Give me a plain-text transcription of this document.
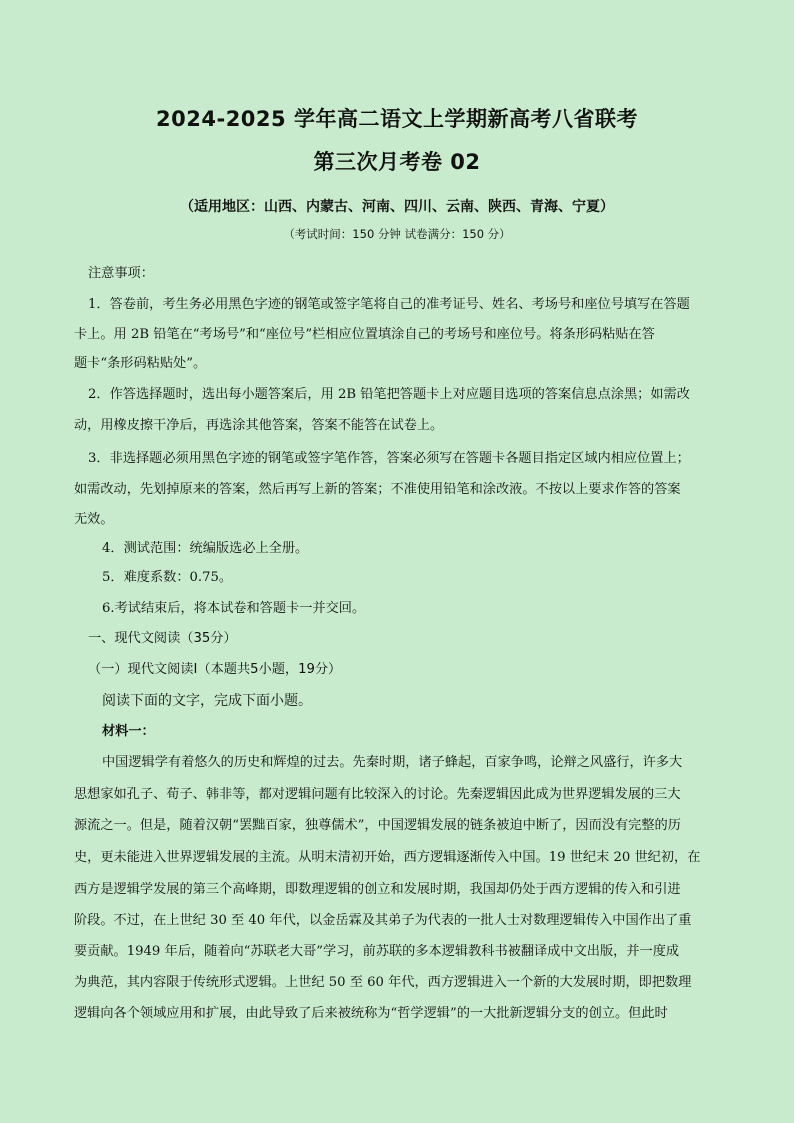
2024-2025 学年高二语文上学期新高考八省联考
第三次月考卷 02
（适用地区：山西、内蒙古、河南、四川、云南、陕西、青海、宁夏）
（考试时间：150 分钟 试卷满分：150 分）
注意事项：
1．答卷前，考生务必用黑色字迹的钢笔或签字笔将自己的准考证号、姓名、考场号和座位号填写在答题
卡上。用 2B 铅笔在“考场号”和“座位号”栏相应位置填涂自己的考场号和座位号。将条形码粘贴在答
题卡“条形码粘贴处”。
2．作答选择题时，选出每小题答案后，用 2B 铅笔把答题卡上对应题目选项的答案信息点涂黑；如需改
动，用橡皮擦干净后，再选涂其他答案，答案不能答在试卷上。
3．非选择题必须用黑色字迹的钢笔或签字笔作答，答案必须写在答题卡各题目指定区域内相应位置上；
如需改动，先划掉原来的答案，然后再写上新的答案；不准使用铅笔和涂改液。不按以上要求作答的答案
无效。
4．测试范围：统编版选必上全册。
5．难度系数：0.75。
6.考试结束后，将本试卷和答题卡一并交回。
一、现代文阅读（35分）
（一）现代文阅读Ⅰ（本题共5小题，19分）
阅读下面的文字，完成下面小题。
材料一：
中国逻辑学有着悠久的历史和辉煌的过去。先秦时期，诸子蜂起，百家争鸣，论辩之风盛行，许多大
思想家如孔子、荀子、韩非等，都对逻辑问题有比较深入的讨论。先秦逻辑因此成为世界逻辑发展的三大
源流之一。但是，随着汉朝“罢黜百家，独尊儒术”，中国逻辑发展的链条被迫中断了，因而没有完整的历
史，更未能进入世界逻辑发展的主流。从明末清初开始，西方逻辑逐渐传入中国。19 世纪末 20 世纪初，在
西方是逻辑学发展的第三个高峰期，即数理逻辑的创立和发展时期，我国却仍处于西方逻辑的传入和引进
阶段。不过，在上世纪 30 至 40 年代，以金岳霖及其弟子为代表的一批人士对数理逻辑传入中国作出了重
要贡献。1949 年后，随着向“苏联老大哥”学习，前苏联的多本逻辑教科书被翻译成中文出版，并一度成
为典范，其内容限于传统形式逻辑。上世纪 50 至 60 年代，西方逻辑进入一个新的大发展时期，即把数理
逻辑向各个领域应用和扩展，由此导致了后来被统称为“哲学逻辑”的一大批新逻辑分支的创立。但此时
